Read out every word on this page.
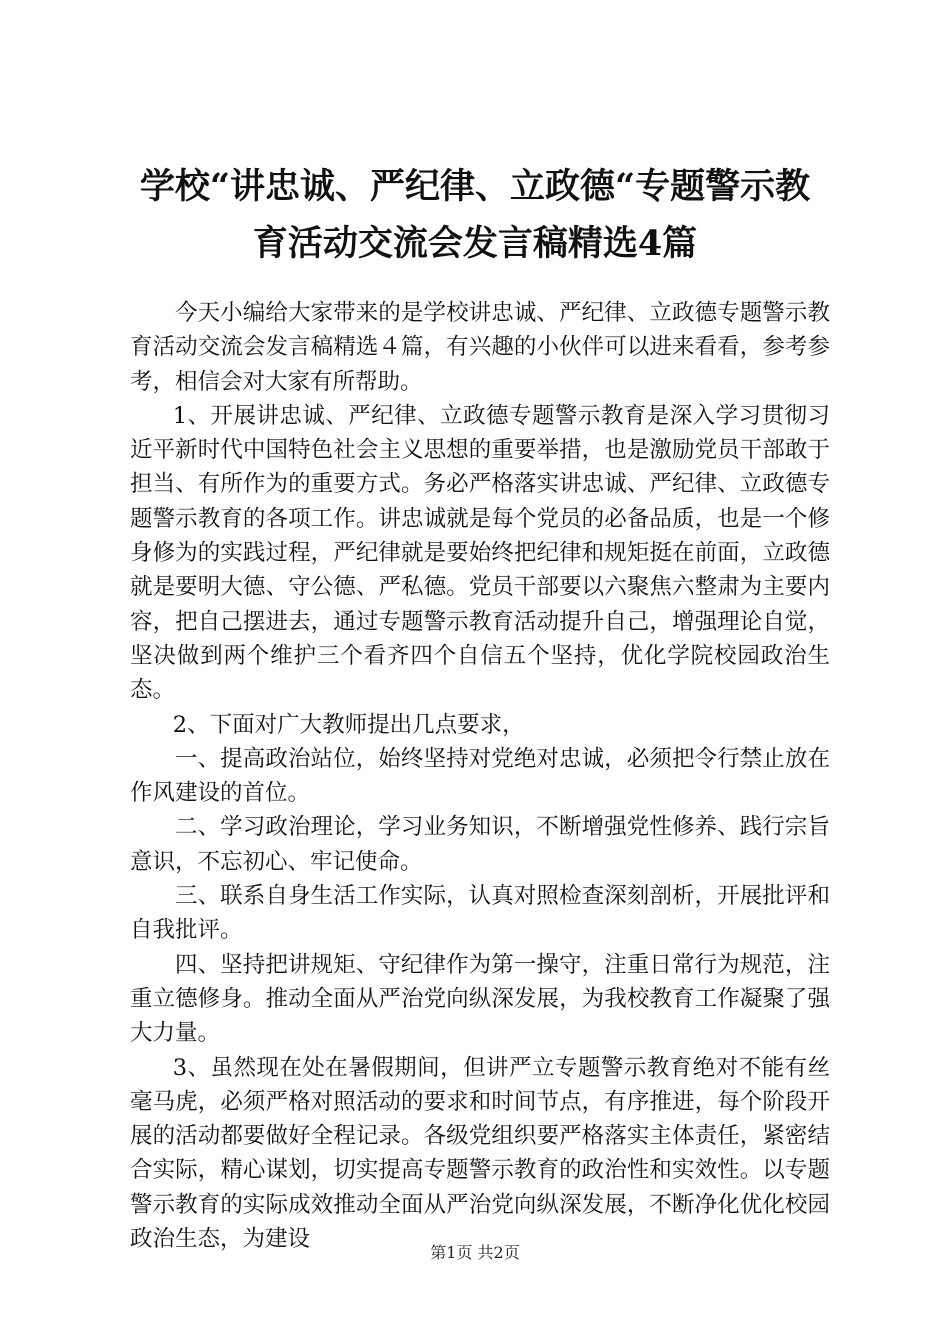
学校“讲忠诚、严纪律、立政德“专题警示教
育活动交流会发言稿精选4篇

今天小编给大家带来的是学校讲忠诚、严纪律、立政德专题警示教育活动交流会发言稿精选４篇，有兴趣的小伙伴可以进来看看，参考参考，相信会对大家有所帮助。

1、开展讲忠诚、严纪律、立政德专题警示教育是深入学习贯彻习近平新时代中国特色社会主义思想的重要举措，也是激励党员干部敢于担当、有所作为的重要方式。务必严格落实讲忠诚、严纪律、立政德专题警示教育的各项工作。讲忠诚就是每个党员的必备品质，也是一个修身修为的实践过程，严纪律就是要始终把纪律和规矩挺在前面，立政德就是要明大德、守公德、严私德。党员干部要以六聚焦六整肃为主要内容，把自己摆进去，通过专题警示教育活动提升自己，增强理论自觉，坚决做到两个维护三个看齐四个自信五个坚持，优化学院校园政治生态。

2、下面对广大教师提出几点要求，

一、提高政治站位，始终坚持对党绝对忠诚，必须把令行禁止放在作风建设的首位。

二、学习政治理论，学习业务知识，不断增强党性修养、践行宗旨意识，不忘初心、牢记使命。

三、联系自身生活工作实际，认真对照检查深刻剖析，开展批评和自我批评。

四、坚持把讲规矩、守纪律作为第一操守，注重日常行为规范，注重立德修身。推动全面从严治党向纵深发展，为我校教育工作凝聚了强大力量。

3、虽然现在处在暑假期间，但讲严立专题警示教育绝对不能有丝毫马虎，必须严格对照活动的要求和时间节点，有序推进，每个阶段开展的活动都要做好全程记录。各级党组织要严格落实主体责任，紧密结合实际，精心谋划，切实提高专题警示教育的政治性和实效性。以专题警示教育的实际成效推动全面从严治党向纵深发展，不断净化优化校园政治生态，为建设

第1页 共2页
